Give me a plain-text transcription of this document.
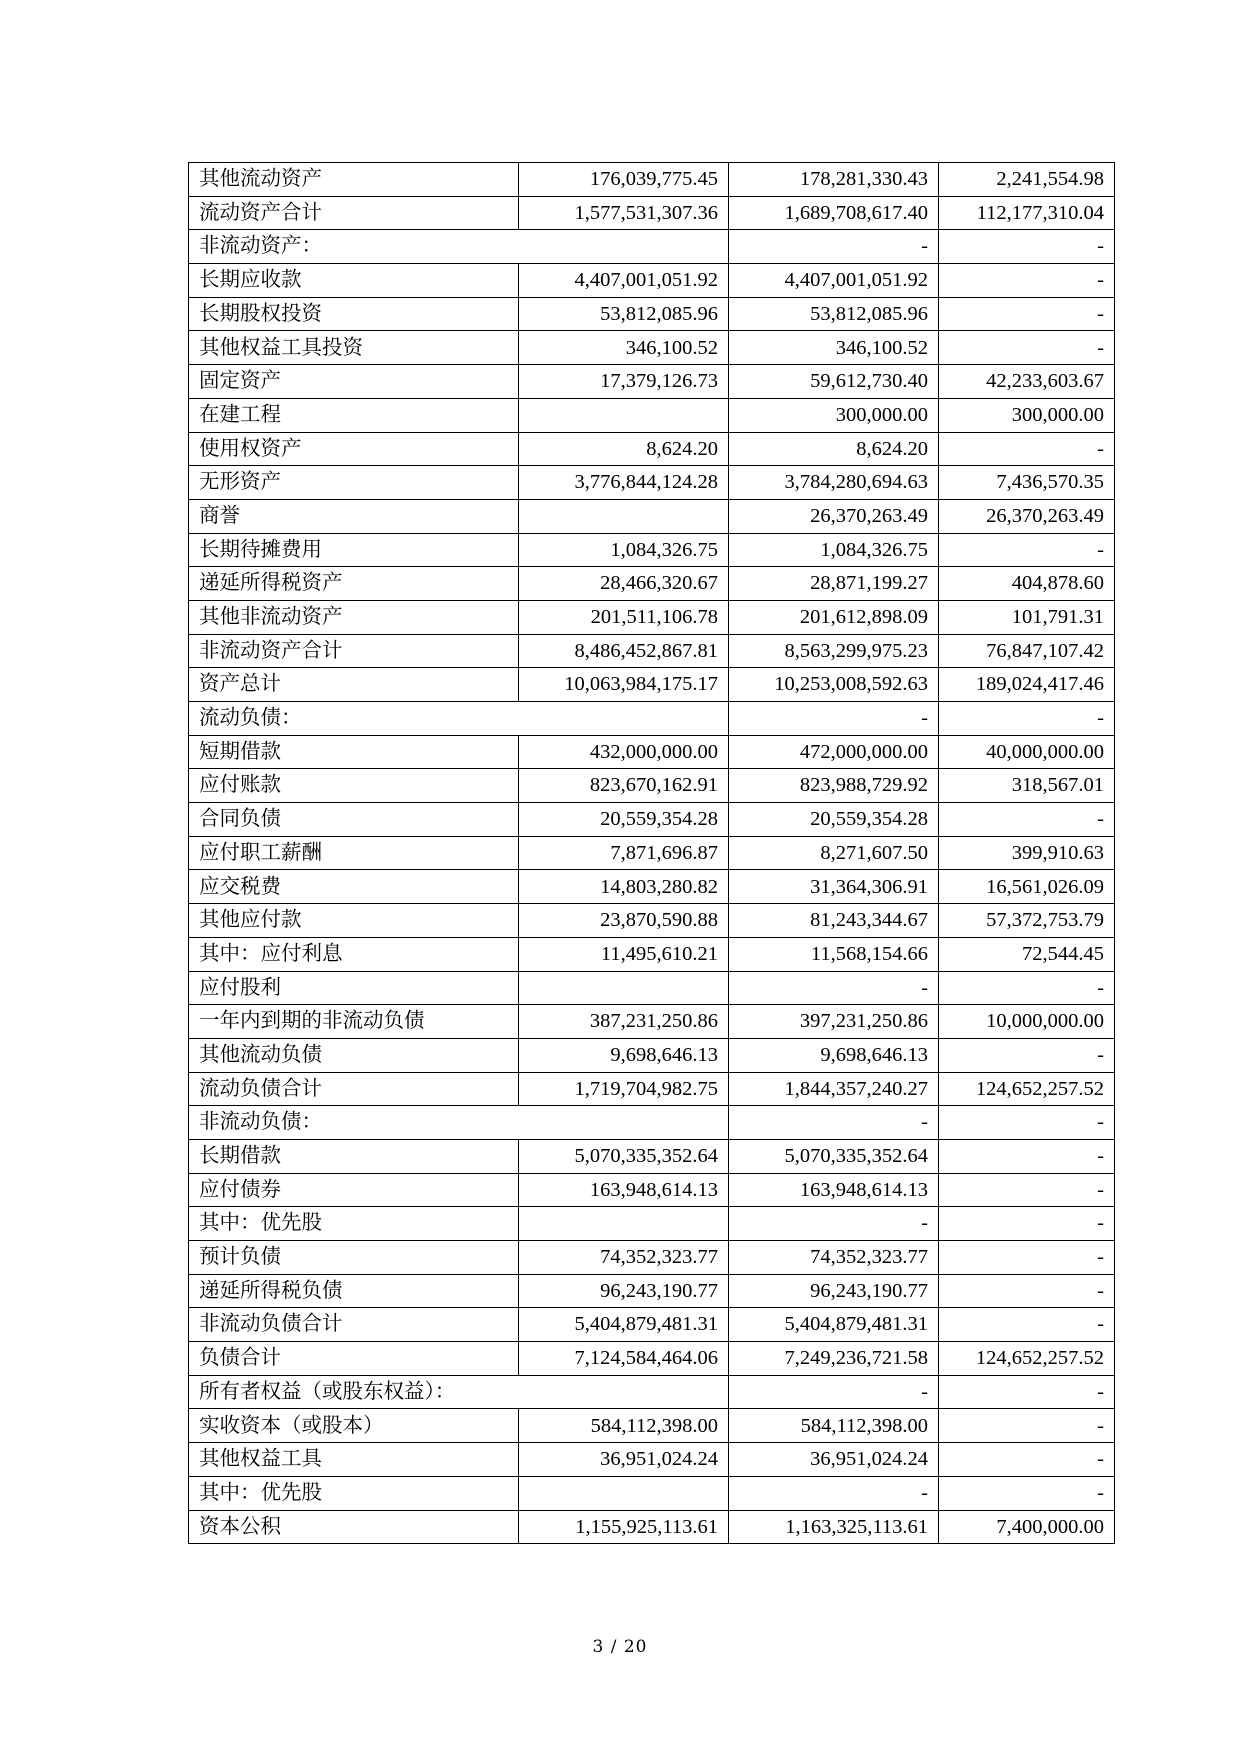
其他流动资产	176,039,775.45	178,281,330.43	2,241,554.98
流动资产合计	1,577,531,307.36	1,689,708,617.40	112,177,310.04
非流动资产：		-	-
长期应收款	4,407,001,051.92	4,407,001,051.92	-
长期股权投资	53,812,085.96	53,812,085.96	-
其他权益工具投资	346,100.52	346,100.52	-
固定资产	17,379,126.73	59,612,730.40	42,233,603.67
在建工程		300,000.00	300,000.00
使用权资产	8,624.20	8,624.20	-
无形资产	3,776,844,124.28	3,784,280,694.63	7,436,570.35
商誉		26,370,263.49	26,370,263.49
长期待摊费用	1,084,326.75	1,084,326.75	-
递延所得税资产	28,466,320.67	28,871,199.27	404,878.60
其他非流动资产	201,511,106.78	201,612,898.09	101,791.31
非流动资产合计	8,486,452,867.81	8,563,299,975.23	76,847,107.42
资产总计	10,063,984,175.17	10,253,008,592.63	189,024,417.46
流动负债：		-	-
短期借款	432,000,000.00	472,000,000.00	40,000,000.00
应付账款	823,670,162.91	823,988,729.92	318,567.01
合同负债	20,559,354.28	20,559,354.28	-
应付职工薪酬	7,871,696.87	8,271,607.50	399,910.63
应交税费	14,803,280.82	31,364,306.91	16,561,026.09
其他应付款	23,870,590.88	81,243,344.67	57,372,753.79
其中：应付利息	11,495,610.21	11,568,154.66	72,544.45
应付股利		-	-
一年内到期的非流动负债	387,231,250.86	397,231,250.86	10,000,000.00
其他流动负债	9,698,646.13	9,698,646.13	-
流动负债合计	1,719,704,982.75	1,844,357,240.27	124,652,257.52
非流动负债：		-	-
长期借款	5,070,335,352.64	5,070,335,352.64	-
应付债券	163,948,614.13	163,948,614.13	-
其中：优先股		-	-
预计负债	74,352,323.77	74,352,323.77	-
递延所得税负债	96,243,190.77	96,243,190.77	-
非流动负债合计	5,404,879,481.31	5,404,879,481.31	-
负债合计	7,124,584,464.06	7,249,236,721.58	124,652,257.52
所有者权益（或股东权益）：		-	-
实收资本（或股本）	584,112,398.00	584,112,398.00	-
其他权益工具	36,951,024.24	36,951,024.24	-
其中：优先股		-	-
资本公积	1,155,925,113.61	1,163,325,113.61	7,400,000.00
3 / 20
